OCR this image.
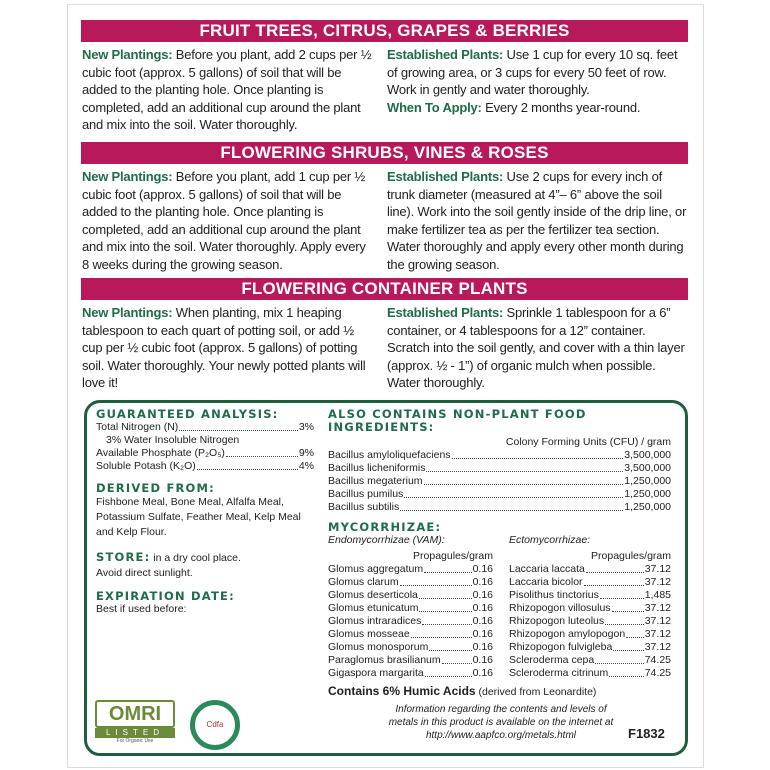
FRUIT TREES, CITRUS, GRAPES & BERRIES
New Plantings: Before you plant, add 2 cups per ½ cubic foot (approx. 5 gallons) of soil that will be added to the planting hole. Once planting is completed, add an additional cup around the plant and mix into the soil. Water thoroughly.
Established Plants: Use 1 cup for every 10 sq. feet of growing area, or 3 cups for every 50 feet of row. Work in gently and water thoroughly.
When To Apply: Every 2 months year-round.
FLOWERING SHRUBS, VINES & ROSES
New Plantings: Before you plant, add 1 cup per ½ cubic foot (approx. 5 gallons) of soil that will be added to the planting hole. Once planting is completed, add an additional cup around the plant and mix into the soil. Water thoroughly. Apply every 8 weeks during the growing season.
Established Plants: Use 2 cups for every inch of trunk diameter (measured at 4”– 6” above the soil line). Work into the soil gently inside of the drip line, or make fertilizer tea as per the fertilizer tea section. Water thoroughly and apply every other month during the growing season.
FLOWERING CONTAINER PLANTS
New Plantings: When planting, mix 1 heaping tablespoon to each quart of potting soil, or add ½ cup per ½ cubic foot (approx. 5 gallons) of potting soil. Water thoroughly. Your newly potted plants will love it!
Established Plants: Sprinkle 1 tablespoon for a 6” container, or 4 tablespoons for a 12” container. Scratch into the soil gently, and cover with a thin layer (approx. ½ - 1”) of organic mulch when possible. Water thoroughly.
GUARANTEED ANALYSIS:
Total Nitrogen (N)	3%
3% Water Insoluble Nitrogen
Available Phosphate (P₂O₅)	9%
Soluble Potash (K₂O)	4%
DERIVED FROM:
Fishbone Meal, Bone Meal, Alfalfa Meal, Potassium Sulfate, Feather Meal, Kelp Meal and Kelp Flour.
STORE: in a dry cool place. Avoid direct sunlight.
EXPIRATION DATE:
Best if used before:
OMRI
LISTED
For Organic Use
Cdfa
ALSO CONTAINS NON-PLANT FOOD INGREDIENTS:
Colony Forming Units (CFU) / gram
Bacillus amyloliquefaciens	3,500,000
Bacillus licheniformis	3,500,000
Bacillus megaterium	1,250,000
Bacillus pumilus	1,250,000
Bacillus subtilis	1,250,000
MYCORRHIZAE:
Endomycorrhizae (VAM):
Propagules/gram
Glomus aggregatum	0.16
Glomus clarum	0.16
Glomus deserticola	0.16
Glomus etunicatum	0.16
Glomus intraradices	0.16
Glomus mosseae	0.16
Glomus monosporum	0.16
Paraglomus brasilianum	0.16
Gigaspora margarita	0.16
Ectomycorrhizae:
Propagules/gram
Laccaria laccata	37.12
Laccaria bicolor	37.12
Pisolithus tinctorius	1,485
Rhizopogon villosulus	37.12
Rhizopogon luteolus	37.12
Rhizopogon amylopogon 37.12
Rhizopogon fulvigleba	37.12
Scleroderma cepa	74.25
Scleroderma citrinum	74.25
Contains 6% Humic Acids (derived from Leonardite)
Information regarding the contents and levels of metals in this product is available on the internet at http://www.aapfco.org/metals.html	F1832
